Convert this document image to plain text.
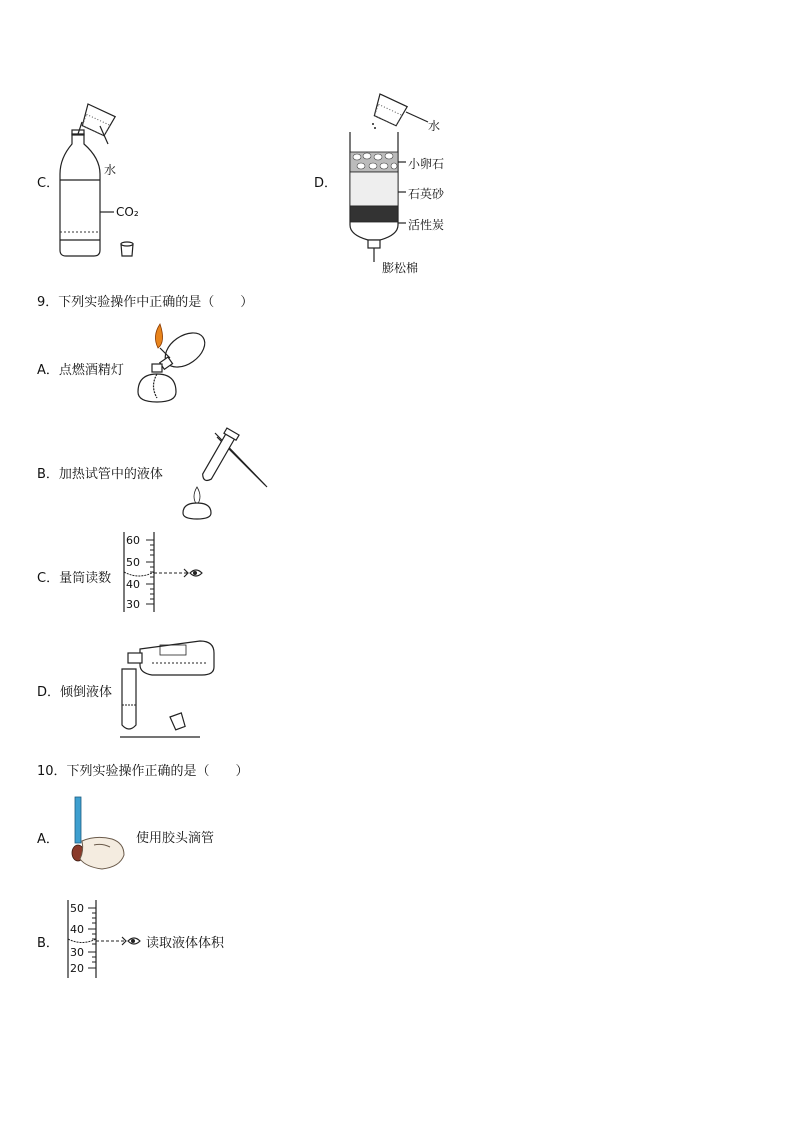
C．
水
CO₂
D．
水
小卵石
石英砂
活性炭
膨松棉
9．下列实验操作中正确的是（　　）
A．点燃酒精灯
B．加热试管中的液体
C．量筒读数
60
50
40
30
D．倾倒液体
10．下列实验操作正确的是（　　）
A．	使用胶头滴管
B．
50
40
30
20
读取液体体积
